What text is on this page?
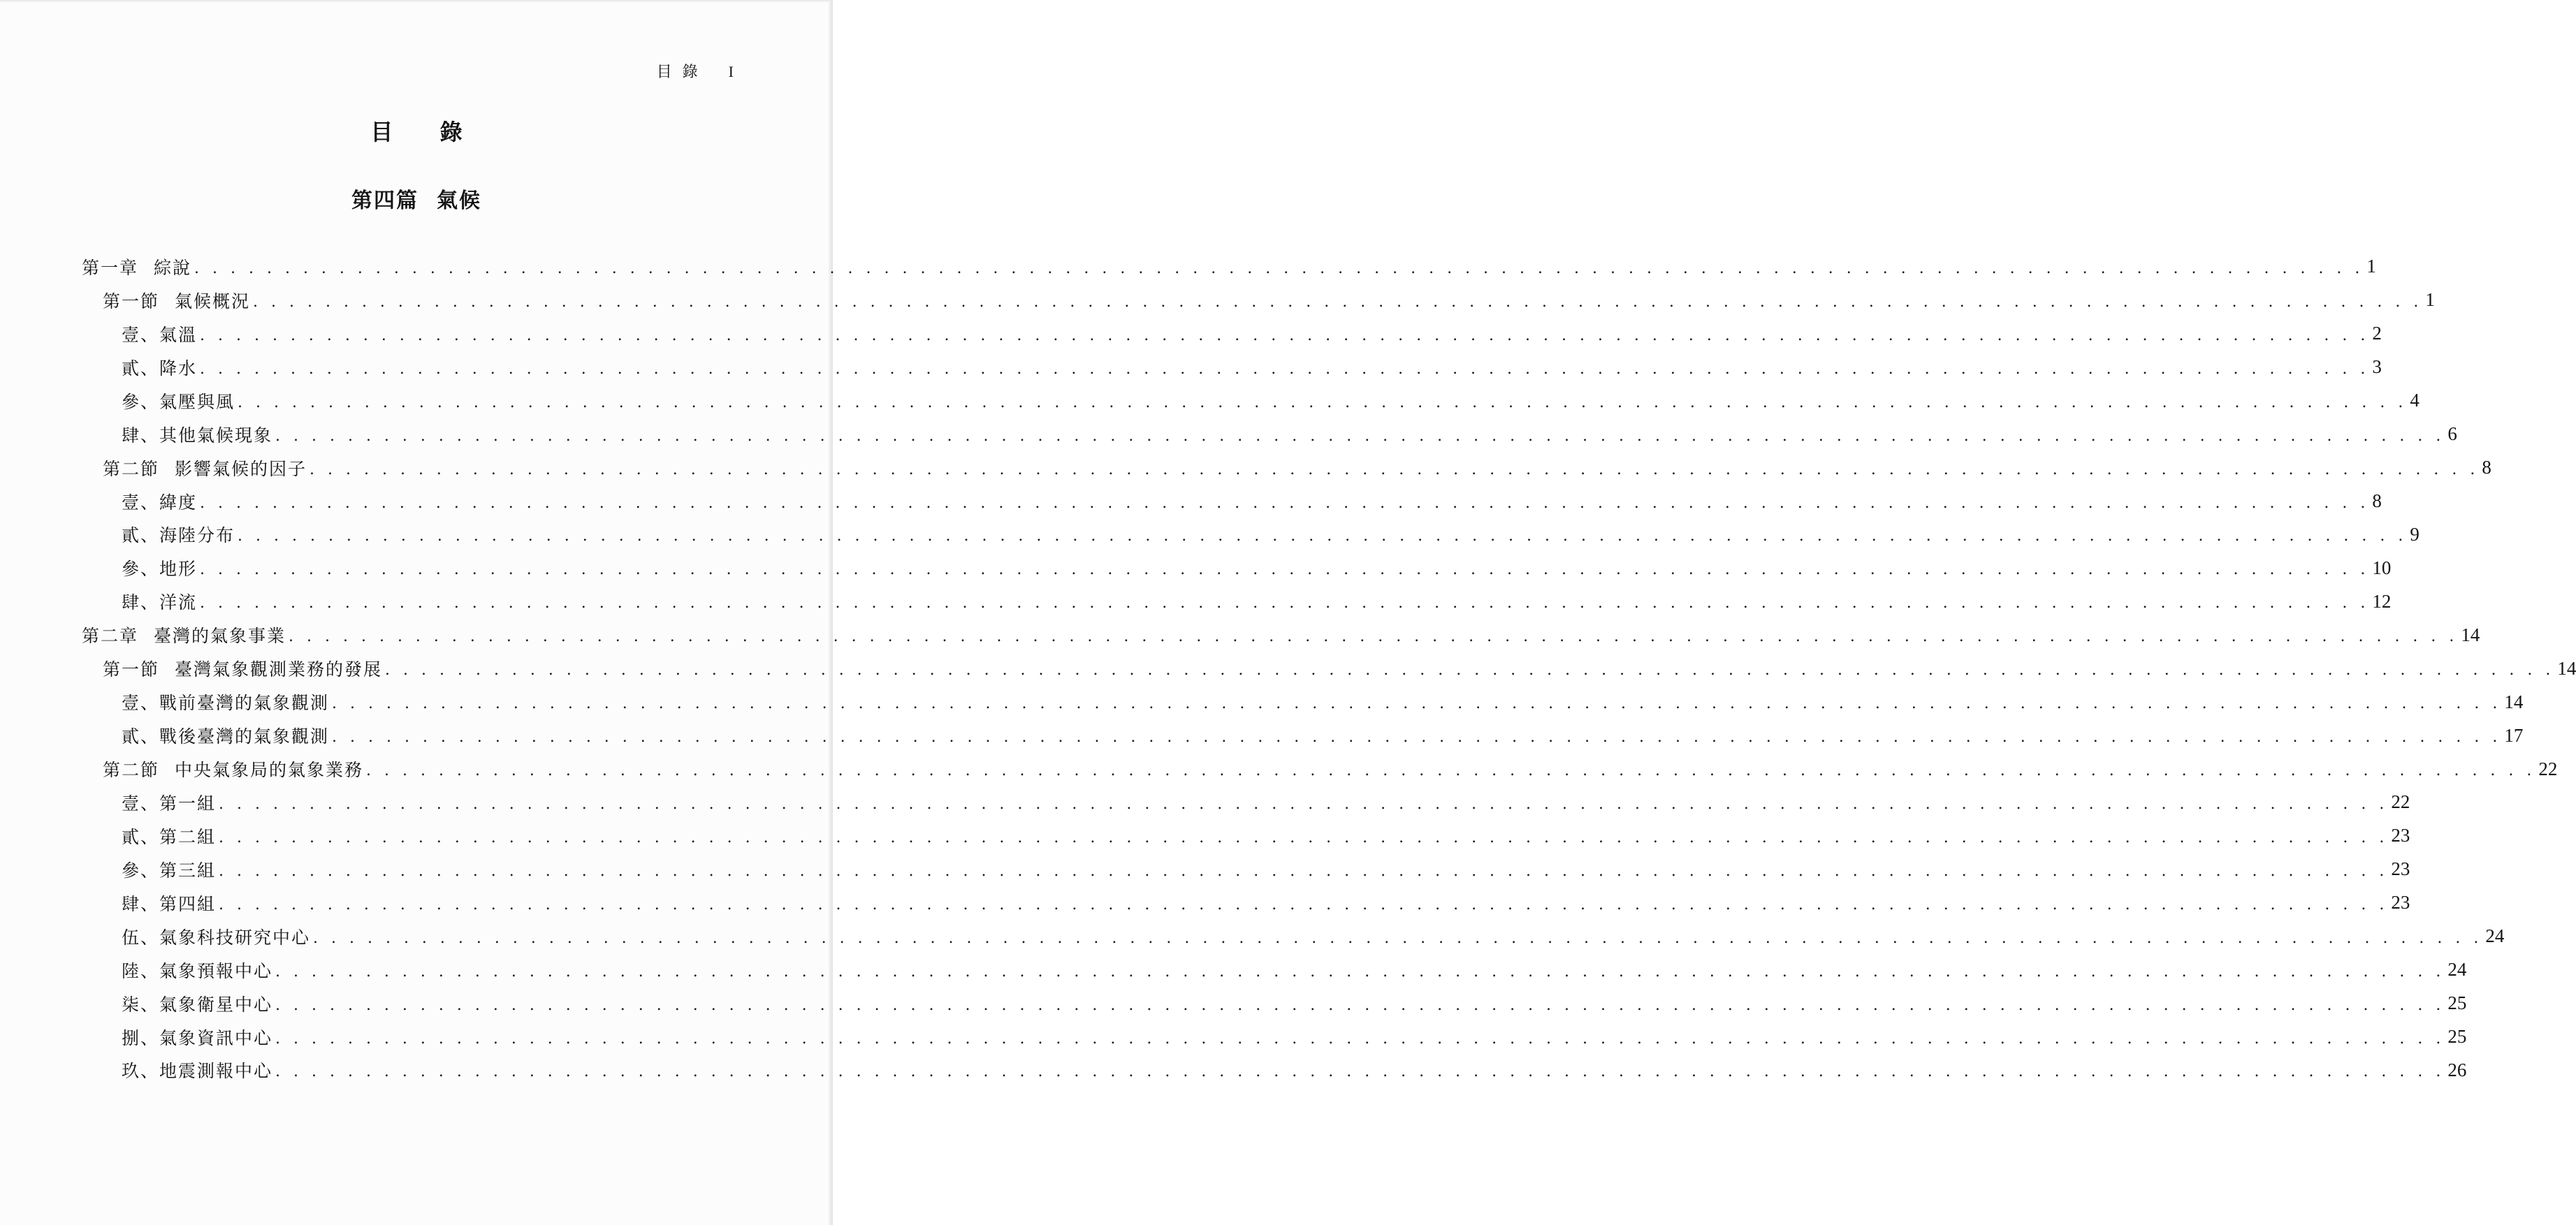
目 錄 I
目 錄
第四篇 氣候
第一章 綜說 . . . . . . . . . . . . . . . . . . . . . . . . . . . . . . . . . . . . . . . . . . . . . . . . . . . . . . . . . . . . . . . . . . . . . . . . . . . . . . . . . . . . . . . . . . . . . . . . . . . . . . . . . . . . . . . . . . . . . . . . 1
第一節 氣候概況 . . . . . . . . . . . . . . . . . . . . . . . . . . . . . . . . . . . . . . . . . . . . . . . . . . . . . . . . . . . . . . . . . . . . . . . . . . . . . . . . . . . . . . . . . . . . . . . . . . . . . . . . . . . . . . . . . . . . . . . . 1
壹、氣溫 . . . . . . . . . . . . . . . . . . . . . . . . . . . . . . . . . . . . . . . . . . . . . . . . . . . . . . . . . . . . . . . . . . . . . . . . . . . . . . . . . . . . . . . . . . . . . . . . . . . . . . . . . . . . . . . . . . . . . . . . 2
貳、降水 . . . . . . . . . . . . . . . . . . . . . . . . . . . . . . . . . . . . . . . . . . . . . . . . . . . . . . . . . . . . . . . . . . . . . . . . . . . . . . . . . . . . . . . . . . . . . . . . . . . . . . . . . . . . . . . . . . . . . . . . 3
參、氣壓與風 . . . . . . . . . . . . . . . . . . . . . . . . . . . . . . . . . . . . . . . . . . . . . . . . . . . . . . . . . . . . . . . . . . . . . . . . . . . . . . . . . . . . . . . . . . . . . . . . . . . . . . . . . . . . . . . . . . . . . . . . 4
肆、其他氣候現象 . . . . . . . . . . . . . . . . . . . . . . . . . . . . . . . . . . . . . . . . . . . . . . . . . . . . . . . . . . . . . . . . . . . . . . . . . . . . . . . . . . . . . . . . . . . . . . . . . . . . . . . . . . . . . . . . . . . . . . . . 6
第二節 影響氣候的因子 . . . . . . . . . . . . . . . . . . . . . . . . . . . . . . . . . . . . . . . . . . . . . . . . . . . . . . . . . . . . . . . . . . . . . . . . . . . . . . . . . . . . . . . . . . . . . . . . . . . . . . . . . . . . . . . . . . . . . . . . 8
壹、緯度 . . . . . . . . . . . . . . . . . . . . . . . . . . . . . . . . . . . . . . . . . . . . . . . . . . . . . . . . . . . . . . . . . . . . . . . . . . . . . . . . . . . . . . . . . . . . . . . . . . . . . . . . . . . . . . . . . . . . . . . . 8
貳、海陸分布 . . . . . . . . . . . . . . . . . . . . . . . . . . . . . . . . . . . . . . . . . . . . . . . . . . . . . . . . . . . . . . . . . . . . . . . . . . . . . . . . . . . . . . . . . . . . . . . . . . . . . . . . . . . . . . . . . . . . . . . . 9
參、地形 . . . . . . . . . . . . . . . . . . . . . . . . . . . . . . . . . . . . . . . . . . . . . . . . . . . . . . . . . . . . . . . . . . . . . . . . . . . . . . . . . . . . . . . . . . . . . . . . . . . . . . . . . . . . . . . . . . . . . . . . 10
肆、洋流 . . . . . . . . . . . . . . . . . . . . . . . . . . . . . . . . . . . . . . . . . . . . . . . . . . . . . . . . . . . . . . . . . . . . . . . . . . . . . . . . . . . . . . . . . . . . . . . . . . . . . . . . . . . . . . . . . . . . . . . . 12
第二章 臺灣的氣象事業 . . . . . . . . . . . . . . . . . . . . . . . . . . . . . . . . . . . . . . . . . . . . . . . . . . . . . . . . . . . . . . . . . . . . . . . . . . . . . . . . . . . . . . . . . . . . . . . . . . . . . . . . . . . . . . . . . . . . . . . . 14
第一節 臺灣氣象觀測業務的發展 . . . . . . . . . . . . . . . . . . . . . . . . . . . . . . . . . . . . . . . . . . . . . . . . . . . . . . . . . . . . . . . . . . . . . . . . . . . . . . . . . . . . . . . . . . . . . . . . . . . . . . . . . . . . . . . . . . . . . . . . 14
壹、戰前臺灣的氣象觀測 . . . . . . . . . . . . . . . . . . . . . . . . . . . . . . . . . . . . . . . . . . . . . . . . . . . . . . . . . . . . . . . . . . . . . . . . . . . . . . . . . . . . . . . . . . . . . . . . . . . . . . . . . . . . . . . . . . . . . . . . 14
貳、戰後臺灣的氣象觀測 . . . . . . . . . . . . . . . . . . . . . . . . . . . . . . . . . . . . . . . . . . . . . . . . . . . . . . . . . . . . . . . . . . . . . . . . . . . . . . . . . . . . . . . . . . . . . . . . . . . . . . . . . . . . . . . . . . . . . . . . 17
第二節 中央氣象局的氣象業務 . . . . . . . . . . . . . . . . . . . . . . . . . . . . . . . . . . . . . . . . . . . . . . . . . . . . . . . . . . . . . . . . . . . . . . . . . . . . . . . . . . . . . . . . . . . . . . . . . . . . . . . . . . . . . . . . . . . . . . . . 22
壹、第一組 . . . . . . . . . . . . . . . . . . . . . . . . . . . . . . . . . . . . . . . . . . . . . . . . . . . . . . . . . . . . . . . . . . . . . . . . . . . . . . . . . . . . . . . . . . . . . . . . . . . . . . . . . . . . . . . . . . . . . . . . 22
貳、第二組 . . . . . . . . . . . . . . . . . . . . . . . . . . . . . . . . . . . . . . . . . . . . . . . . . . . . . . . . . . . . . . . . . . . . . . . . . . . . . . . . . . . . . . . . . . . . . . . . . . . . . . . . . . . . . . . . . . . . . . . . 23
參、第三組 . . . . . . . . . . . . . . . . . . . . . . . . . . . . . . . . . . . . . . . . . . . . . . . . . . . . . . . . . . . . . . . . . . . . . . . . . . . . . . . . . . . . . . . . . . . . . . . . . . . . . . . . . . . . . . . . . . . . . . . . 23
肆、第四組 . . . . . . . . . . . . . . . . . . . . . . . . . . . . . . . . . . . . . . . . . . . . . . . . . . . . . . . . . . . . . . . . . . . . . . . . . . . . . . . . . . . . . . . . . . . . . . . . . . . . . . . . . . . . . . . . . . . . . . . . 23
伍、氣象科技研究中心 . . . . . . . . . . . . . . . . . . . . . . . . . . . . . . . . . . . . . . . . . . . . . . . . . . . . . . . . . . . . . . . . . . . . . . . . . . . . . . . . . . . . . . . . . . . . . . . . . . . . . . . . . . . . . . . . . . . . . . . . 24
陸、氣象預報中心 . . . . . . . . . . . . . . . . . . . . . . . . . . . . . . . . . . . . . . . . . . . . . . . . . . . . . . . . . . . . . . . . . . . . . . . . . . . . . . . . . . . . . . . . . . . . . . . . . . . . . . . . . . . . . . . . . . . . . . . . 24
柒、氣象衛星中心 . . . . . . . . . . . . . . . . . . . . . . . . . . . . . . . . . . . . . . . . . . . . . . . . . . . . . . . . . . . . . . . . . . . . . . . . . . . . . . . . . . . . . . . . . . . . . . . . . . . . . . . . . . . . . . . . . . . . . . . . 25
捌、氣象資訊中心 . . . . . . . . . . . . . . . . . . . . . . . . . . . . . . . . . . . . . . . . . . . . . . . . . . . . . . . . . . . . . . . . . . . . . . . . . . . . . . . . . . . . . . . . . . . . . . . . . . . . . . . . . . . . . . . . . . . . . . . . 25
玖、地震測報中心 . . . . . . . . . . . . . . . . . . . . . . . . . . . . . . . . . . . . . . . . . . . . . . . . . . . . . . . . . . . . . . . . . . . . . . . . . . . . . . . . . . . . . . . . . . . . . . . . . . . . . . . . . . . . . . . . . . . . . . . . 26
